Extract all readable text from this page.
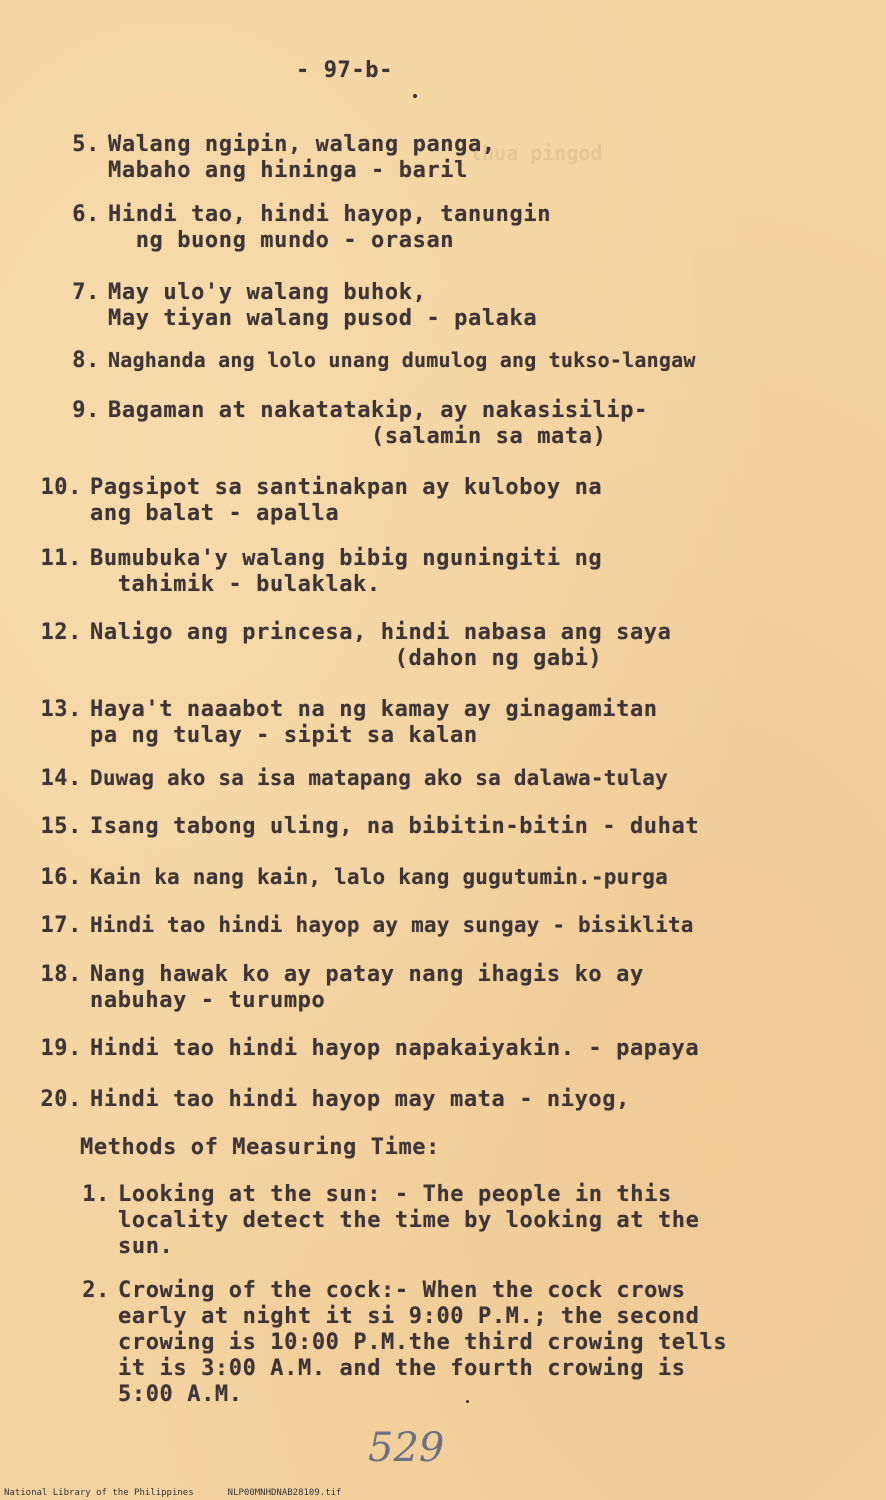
thua pingod
- 97-b-
5. Walang ngipin, walang panga,
Mabaho ang hininga - baril
6. Hindi tao, hindi hayop, tanungin
ng buong mundo - orasan
7. May ulo'y walang buhok,
May tiyan walang pusod - palaka
8. Naghanda ang lolo unang dumulog ang tukso-langaw
9. Bagaman at nakatatakip, ay nakasisilip-
(salamin sa mata)
10. Pagsipot sa santinakpan ay kuloboy na
ang balat - apalla
11. Bumubuka'y walang bibig nguningiti ng
tahimik - bulaklak.
12. Naligo ang princesa, hindi nabasa ang saya
(dahon ng gabi)
13. Haya't naaabot na ng kamay ay ginagamitan
pa ng tulay - sipit sa kalan
14. Duwag ako sa isa matapang ako sa dalawa-tulay
15. Isang tabong uling, na bibitin-bitin - duhat
16. Kain ka nang kain, lalo kang gugutumin.-purga
17. Hindi tao hindi hayop ay may sungay - bisiklita
18. Nang hawak ko ay patay nang ihagis ko ay
nabuhay - turumpo
19. Hindi tao hindi hayop napakaiyakin. - papaya
20. Hindi tao hindi hayop may mata - niyog,
Methods of Measuring Time:
1. Looking at the sun: - The people in this
locality detect the time by looking at the
sun.
2. Crowing of the cock:- When the cock crows
early at night it si 9:00 P.M.; the second
crowing is 10:00 P.M.the third crowing tells
it is 3:00 A.M. and the fourth crowing is
5:00 A.M.
529
National Library of the Philippines	NLP00MNHDNAB28109.tif
